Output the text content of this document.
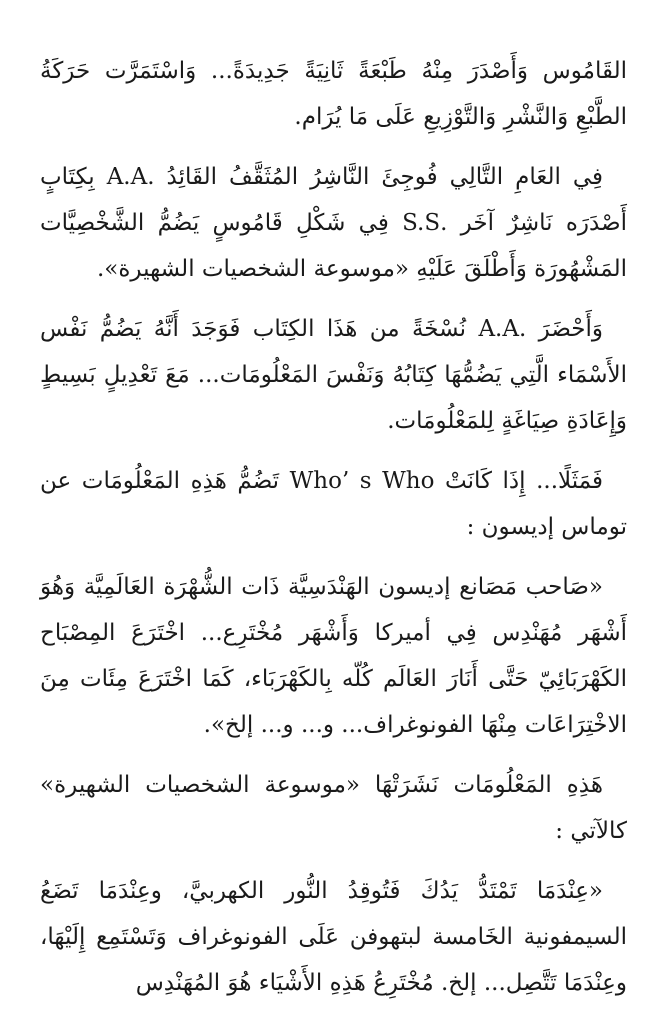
القَامُوس وَأَصْدَرَ مِنْهُ طَبْعَةً ثَانِيَةً جَدِيدَةً... وَاسْتَمَرَّت حَرَكَةُ الطَّبْعِ وَالنَّشْرِ وَالتَّوْزِيعِ عَلَى مَا يُرَام.

فِي العَامِ التَّالِي فُوجِئَ النَّاشِرُ المُثَقَّفُ القَائِدُ .A.A بِكِتَابٍ أَصْدَرَه نَاشِرٌ آخَر .S.S فِي شَكْلِ قَامُوسٍ يَضُمُّ الشَّخْصِيَّات المَشْهُورَة وَأَطْلَقَ عَلَيْهِ «موسوعة الشخصيات الشهيرة».

وَأَحْضَرَ .A.A نُسْخَةً من هَذَا الكِتَاب فَوَجَدَ أَنَّهُ يَضُمُّ نَفْس الأَسْمَاء الَّتِي يَضُمُّهَا كِتَابُهُ وَنَفْسَ المَعْلُومَات... مَعَ تَعْدِيلٍ بَسِيطٍ وَإِعَادَةِ صِيَاغَةٍ لِلمَعْلُومَات.

فَمَثَلًا... إِذَا كَانَتْ Who’ s Who تَضُمُّ هَذِهِ المَعْلُومَات عن توماس إديسون :

«صَاحب مَصَانع إديسون الهَنْدَسِيَّة ذَات الشُّهْرَة العَالَمِيَّة وَهُوَ أَشْهَر مُهَنْدِس فِي أميركا وَأَشْهَر مُخْتَرِع... اخْتَرَعَ المِصْبَاح الكَهْرَبَائِيّ حَتَّى أَنَارَ العَالَم كُلّه بِالكَهْرَبَاء، كَمَا اخْتَرَعَ مِئَات مِنَ الاخْتِرَاعَات مِنْهَا الفونوغراف... و... و... إلخ».

هَذِهِ المَعْلُومَات نَشَرَتْهَا «موسوعة الشخصيات الشهيرة» كالآتي :

«عِنْدَمَا تَمْتَدُّ يَدُكَ فَتُوقِدُ النُّور الكهربيَّ، وعِنْدَمَا تَضَعُ السيمفونية الخَامسة لبتهوفن عَلَى الفونوغراف وَتَسْتَمِع إِلَيْهَا، وعِنْدَمَا تَتَّصِل... إلخ. مُخْتَرِعُ هَذِهِ الأَشْيَاء هُوَ المُهَنْدِس
